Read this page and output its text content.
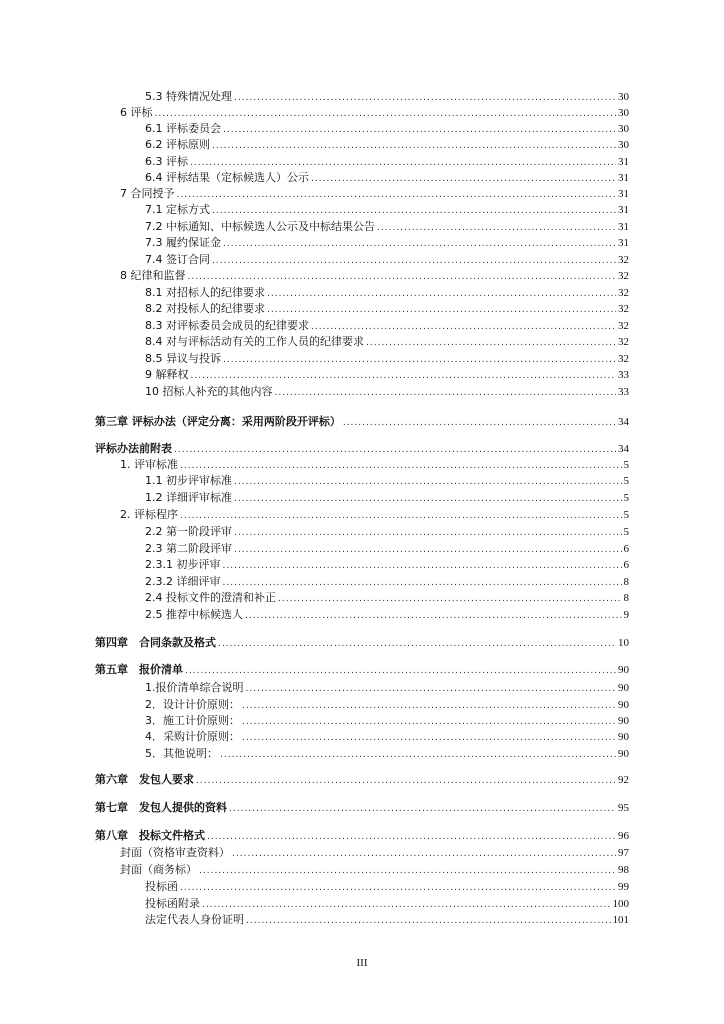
5.3 特殊情况处理 .....	30
6 评标 .....	30
6.1 评标委员会 .....	30
6.2 评标原则 .....	30
6.3 评标 .....	31
6.4 评标结果（定标候选人）公示 .....	31
7 合同授予 .....	31
7.1 定标方式 .....	31
7.2 中标通知、中标候选人公示及中标结果公告 .....	31
7.3 履约保证金 .....	31
7.4 签订合同 .....	32
8 纪律和监督 .....	32
8.1 对招标人的纪律要求 .....	32
8.2 对投标人的纪律要求 .....	32
8.3 对评标委员会成员的纪律要求 .....	32
8.4 对与评标活动有关的工作人员的纪律要求 .....	32
8.5 异议与投诉 .....	32
9 解释权 .....	33
10 招标人补充的其他内容 .....	33
第三章 评标办法（评定分离：采用两阶段开评标） .....	34
评标办法前附表 .....	34
1. 评审标准 .....	5
1.1 初步评审标准 .....	5
1.2 详细评审标准 .....	5
2. 评标程序 .....	5
2.2 第一阶段评审 .....	5
2.3 第二阶段评审 .....	6
2.3.1 初步评审 .....	6
2.3.2 详细评审 .....	8
2.4 投标文件的澄清和补正 .....	8
2.5 推荐中标候选人 .....	9
第四章　合同条款及格式 .....	10
第五章　报价清单 .....	90
1.报价清单综合说明 .....	90
2．设计计价原则： .....	90
3．施工计价原则： .....	90
4．采购计价原则： .....	90
5．其他说明： .....	90
第六章　发包人要求 .....	92
第七章　发包人提供的资料 .....	95
第八章　投标文件格式 .....	96
封面（资格审查资料） .....	97
封面（商务标） .....	98
投标函 .....	99
投标函附录 .....	100
法定代表人身份证明 .....	101
III
